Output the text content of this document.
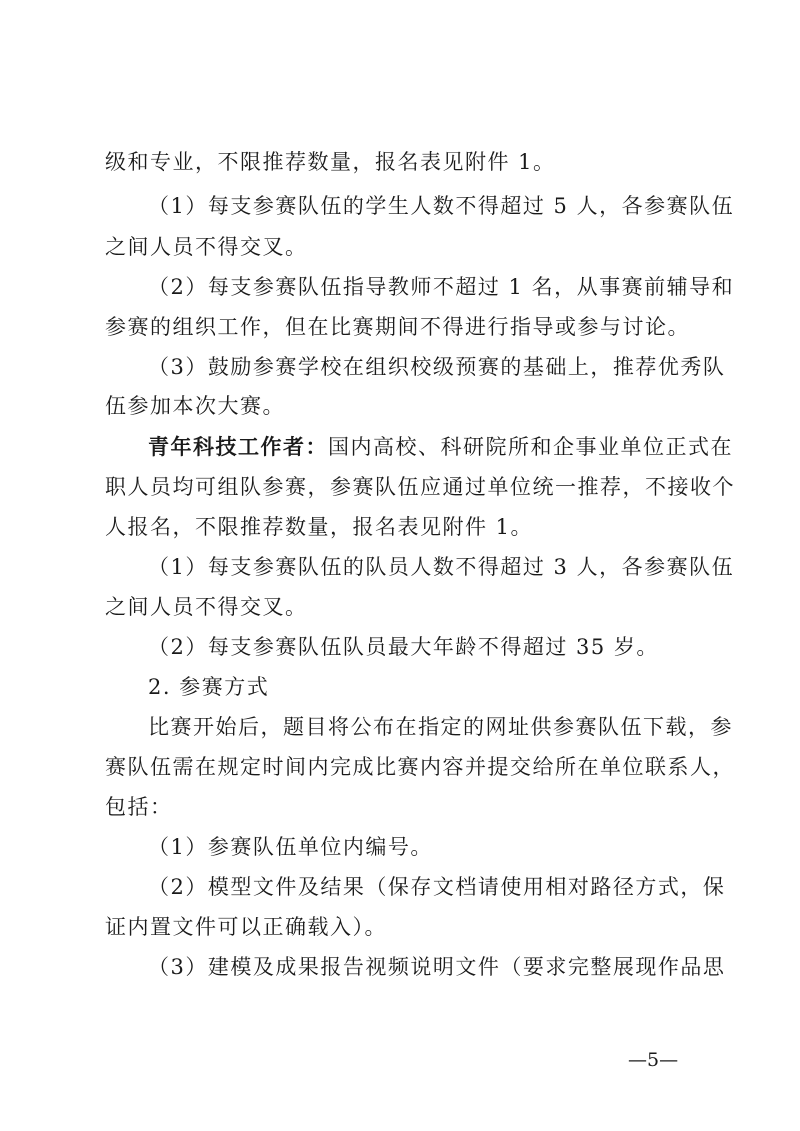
级和专业，不限推荐数量，报名表见附件 1。
（1）每支参赛队伍的学生人数不得超过 5 人，各参赛队伍
之间人员不得交叉。
（2）每支参赛队伍指导教师不超过 1 名，从事赛前辅导和
参赛的组织工作，但在比赛期间不得进行指导或参与讨论。
（3）鼓励参赛学校在组织校级预赛的基础上，推荐优秀队
伍参加本次大赛。
青年科技工作者：国内高校、科研院所和企事业单位正式在
职人员均可组队参赛，参赛队伍应通过单位统一推荐，不接收个
人报名，不限推荐数量，报名表见附件 1。
（1）每支参赛队伍的队员人数不得超过 3 人，各参赛队伍
之间人员不得交叉。
（2）每支参赛队伍队员最大年龄不得超过 35 岁。
2. 参赛方式
比赛开始后，题目将公布在指定的网址供参赛队伍下载，参
赛队伍需在规定时间内完成比赛内容并提交给所在单位联系人，
包括：
（1）参赛队伍单位内编号。
（2）模型文件及结果（保存文档请使用相对路径方式，保
证内置文件可以正确载入）。
（3）建模及成果报告视频说明文件（要求完整展现作品思
—5—
